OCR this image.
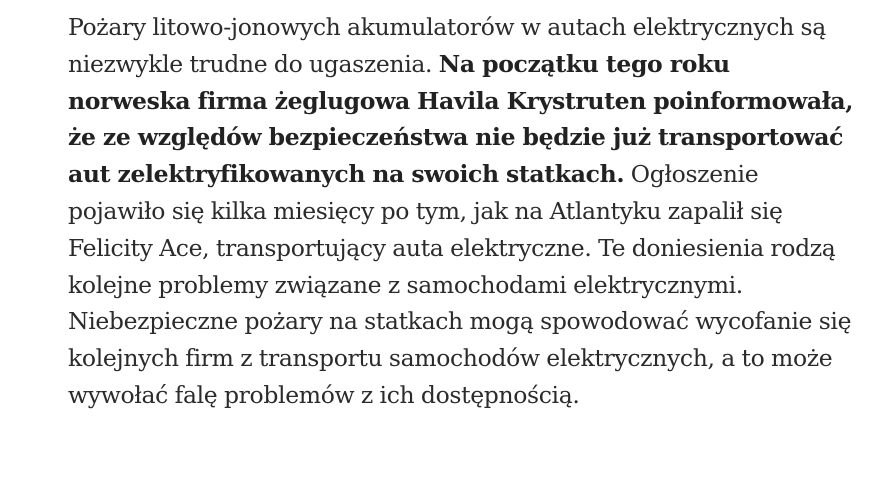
Pożary litowo-jonowych akumulatorów w autach elektrycznych są niezwykle trudne do ugaszenia. Na początku tego roku norweska firma żeglugowa Havila Krystruten poinformowała, że ze względów bezpieczeństwa nie będzie już transportować aut zelektryfikowanych na swoich statkach. Ogłoszenie pojawiło się kilka miesięcy po tym, jak na Atlantyku zapalił się Felicity Ace, transportujący auta elektryczne. Te doniesienia rodzą kolejne problemy związane z samochodami elektrycznymi. Niebezpieczne pożary na statkach mogą spowodować wycofanie się kolejnych firm z transportu samochodów elektrycznych, a to może wywołać falę problemów z ich dostępnością.
